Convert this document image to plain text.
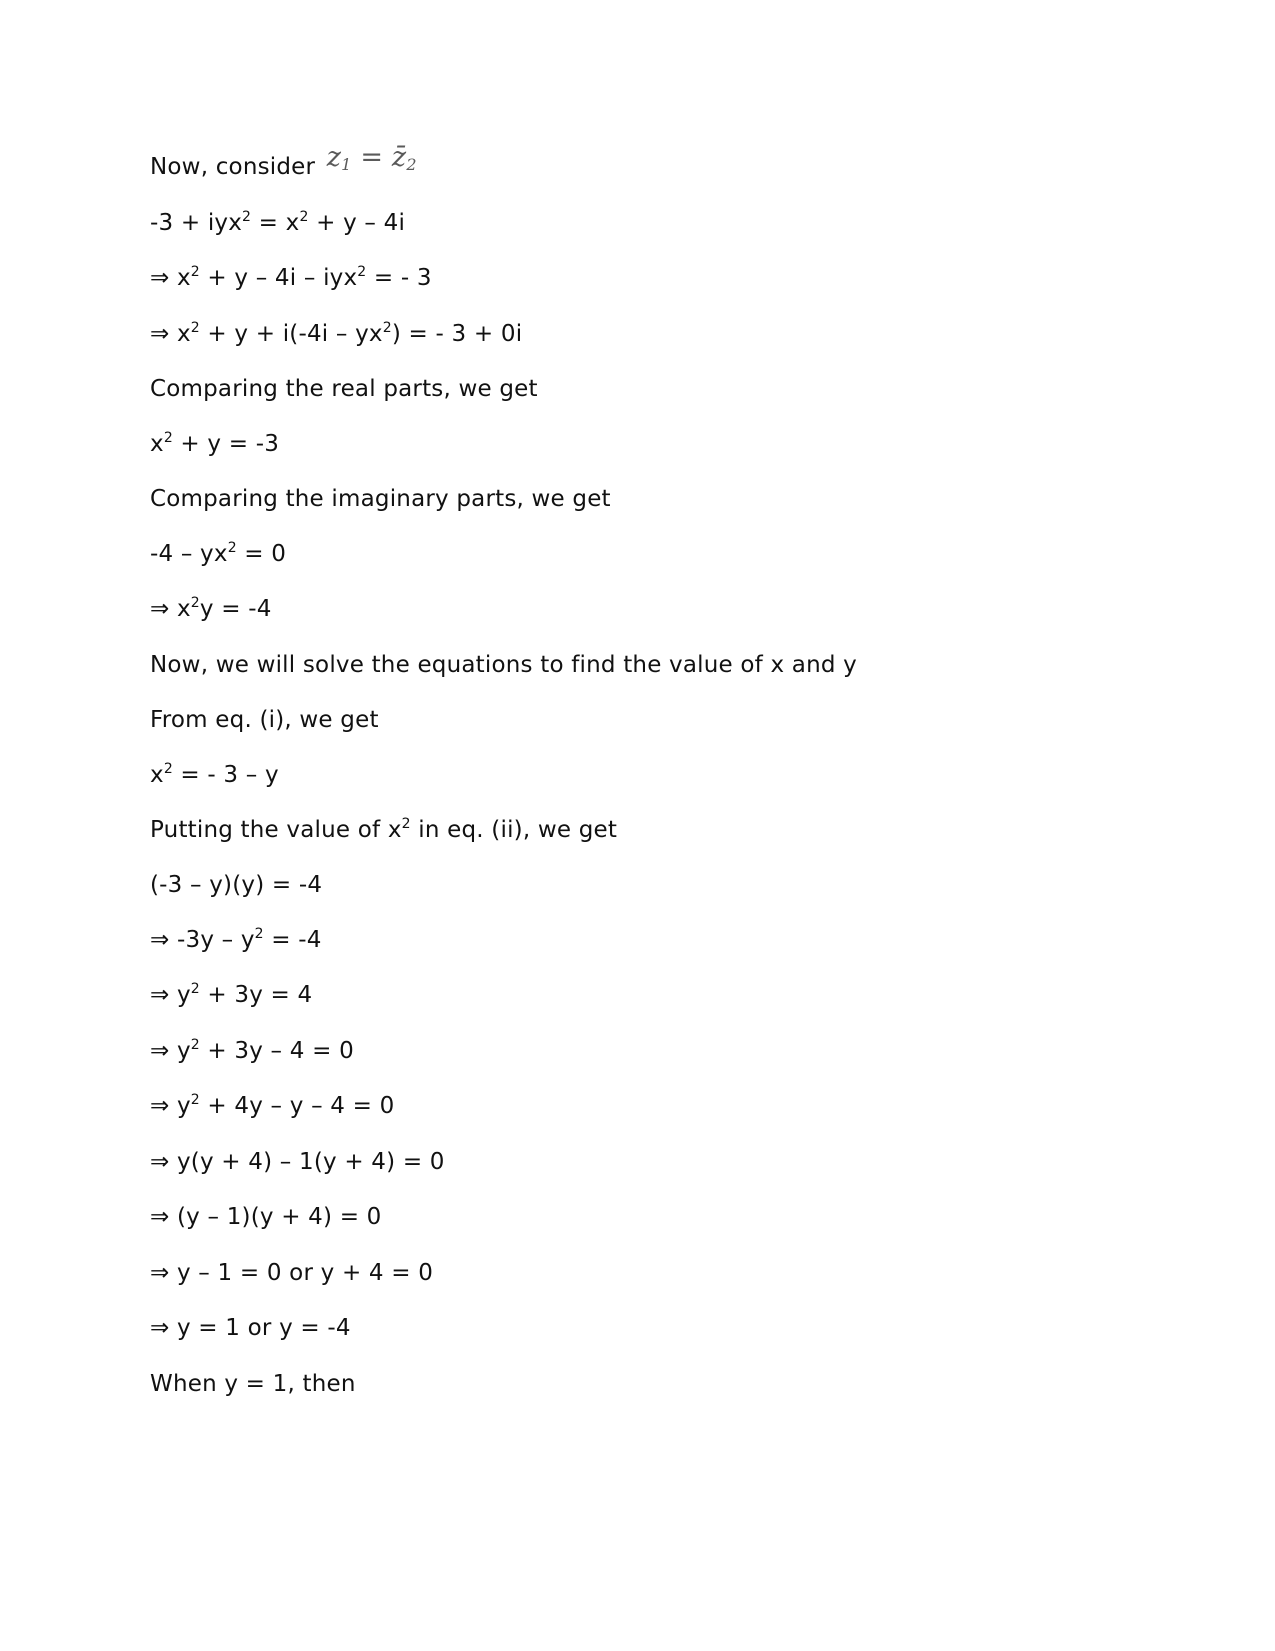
Now, consider $z_1$ = $z̄_2$
$-3 + iyx^2 = x^2 + y - 4i$
⇒ $x^2 + y - 4i - iyx^2$ = - 3
⇒ $x^2 + y + i(-4i - yx^2)$ = - 3 + 0i
Comparing the real parts, we get
$x^2 + y = -3$
Comparing the imaginary parts, we get
$-4 - yx^2 = 0$
⇒ $x^2y = -4$
Now, we will solve the equations to find the value of x and y
From eq. (i), we get
$x^2$ = - 3 – y
Putting the value of $x^2$ in eq. (ii), we get
(-3 – y)(y) = -4
⇒ $-3y - y^2 = -4$
⇒ $y^2 + 3y = 4$
⇒ $y^2 + 3y - 4 = 0$
⇒ $y^2 + 4y - y - 4 = 0$
⇒ y(y + 4) – 1(y + 4) = 0
⇒ (y – 1)(y + 4) = 0
⇒ y – 1 = 0 or y + 4 = 0
⇒ y = 1 or y = -4
When y = 1, then
